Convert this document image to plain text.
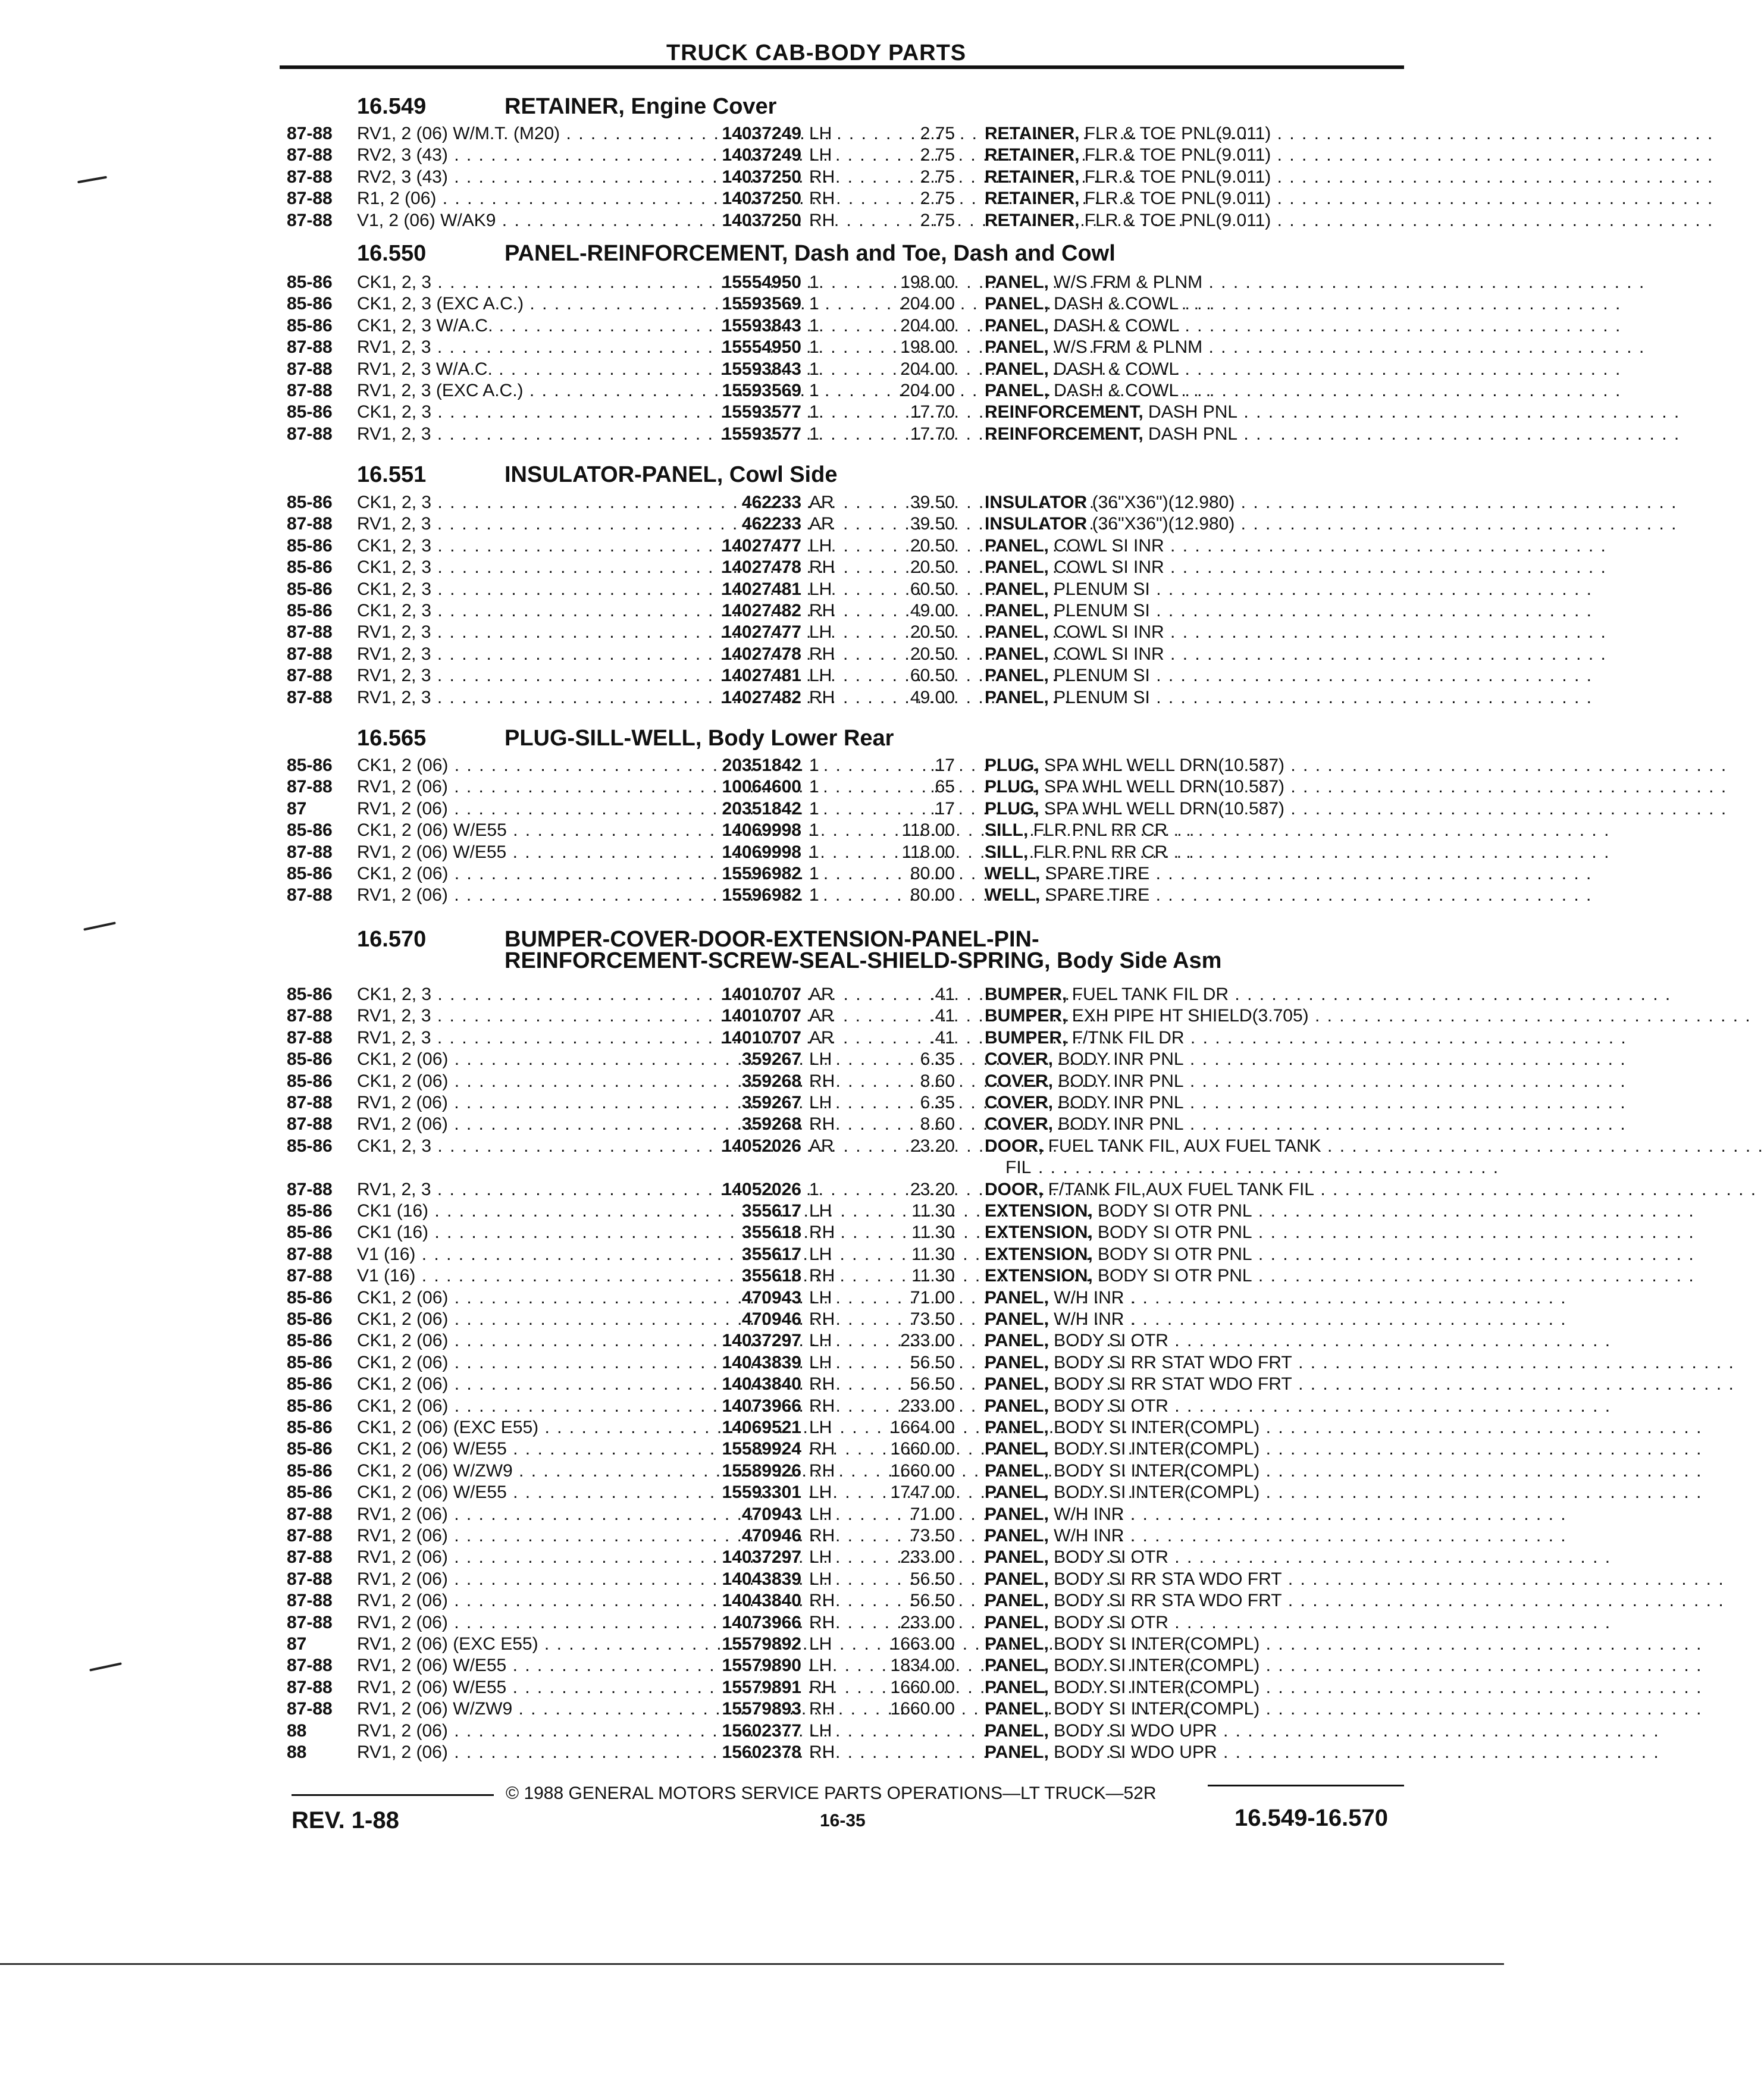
TRUCK CAB-BODY PARTS
16.549	RETAINER, Engine Cover
87-88 RV1, 2 (06) W/M.T. (M20) . . .	14037249 LH	2.75 RETAINER, FLR & TOE PNL(9.011) . . . . . . . . . . . . . . . . . . . . . . . . . . . . . . . . . . . .
87-88 RV2, 3 (43) . . .	14037249 LH	2.75 RETAINER, FLR & TOE PNL(9.011) . . . . . . . . . . . . . . . . . . . . . . . . . . . . . . . . . . . .
87-88 RV2, 3 (43) . . .	14037250 RH	2.75 RETAINER, FLR & TOE PNL(9.011) . . . . . . . . . . . . . . . . . . . . . . . . . . . . . . . . . . . .
87-88 R1, 2 (06) . . .	14037250 RH	2.75 RETAINER, FLR & TOE PNL(9.011) . . . . . . . . . . . . . . . . . . . . . . . . . . . . . . . . . . . .
87-88 V1, 2 (06) W/AK9 . . .	14037250 RH	2.75 RETAINER, FLR & TOE PNL(9.011) . . . . . . . . . . . . . . . . . . . . . . . . . . . . . . . . . . . .
16.550	PANEL-REINFORCEMENT, Dash and Toe, Dash and Cowl
85-86 CK1, 2, 3 . . .	15554950 1	198.00 PANEL, W/S FRM & PLNM . . . . . . . . . . . . . . . . . . . . . . . . . . . . . . . . . . . .
85-86 CK1, 2, 3 (EXC A.C.) . . .	15593569 1	204.00 PANEL, DASH & COWL . . . . . . . . . . . . . . . . . . . . . . . . . . . . . . . . . . . .
85-86 CK1, 2, 3 W/A.C. . . .	15593843 1	204.00 PANEL, DASH & COWL . . . . . . . . . . . . . . . . . . . . . . . . . . . . . . . . . . . .
87-88 RV1, 2, 3 . . .	15554950 1	198.00 PANEL, W/S FRM & PLNM . . . . . . . . . . . . . . . . . . . . . . . . . . . . . . . . . . . .
87-88 RV1, 2, 3 W/A.C. . . .	15593843 1	204.00 PANEL, DASH & COWL . . . . . . . . . . . . . . . . . . . . . . . . . . . . . . . . . . . .
87-88 RV1, 2, 3 (EXC A.C.) . . .	15593569 1	204.00 PANEL, DASH & COWL . . . . . . . . . . . . . . . . . . . . . . . . . . . . . . . . . . . .
85-86 CK1, 2, 3 . . .	15593577 1	17.70 REINFORCEMENT, DASH PNL . . . . . . . . . . . . . . . . . . . . . . . . . . . . . . . . . . . .
87-88 RV1, 2, 3 . . .	15593577 1	17.70 REINFORCEMENT, DASH PNL . . . . . . . . . . . . . . . . . . . . . . . . . . . . . . . . . . . .
16.551	INSULATOR-PANEL, Cowl Side
85-86 CK1, 2, 3 . . .	462233 AR	39.50 INSULATOR (36"X36")(12.980) . . . . . . . . . . . . . . . . . . . . . . . . . . . . . . . . . . . .
87-88 RV1, 2, 3 . . .	462233 AR	39.50 INSULATOR (36"X36")(12.980) . . . . . . . . . . . . . . . . . . . . . . . . . . . . . . . . . . . .
85-86 CK1, 2, 3 . . .	14027477 LH	20.50 PANEL, COWL SI INR . . . . . . . . . . . . . . . . . . . . . . . . . . . . . . . . . . . .
85-86 CK1, 2, 3 . . .	14027478 RH	20.50 PANEL, COWL SI INR . . . . . . . . . . . . . . . . . . . . . . . . . . . . . . . . . . . .
85-86 CK1, 2, 3 . . .	14027481 LH	60.50 PANEL, PLENUM SI . . . . . . . . . . . . . . . . . . . . . . . . . . . . . . . . . . . .
85-86 CK1, 2, 3 . . .	14027482 RH	49.00 PANEL, PLENUM SI . . . . . . . . . . . . . . . . . . . . . . . . . . . . . . . . . . . .
87-88 RV1, 2, 3 . . .	14027477 LH	20.50 PANEL, COWL SI INR . . . . . . . . . . . . . . . . . . . . . . . . . . . . . . . . . . . .
87-88 RV1, 2, 3 . . .	14027478 RH	20.50 PANEL, COWL SI INR . . . . . . . . . . . . . . . . . . . . . . . . . . . . . . . . . . . .
87-88 RV1, 2, 3 . . .	14027481 LH	60.50 PANEL, PLENUM SI . . . . . . . . . . . . . . . . . . . . . . . . . . . . . . . . . . . .
87-88 RV1, 2, 3 . . .	14027482 RH	49.00 PANEL, PLENUM SI . . . . . . . . . . . . . . . . . . . . . . . . . . . . . . . . . . . .
16.565	PLUG-SILL-WELL, Body Lower Rear
85-86 CK1, 2 (06) . . .	20351842 1	.17 PLUG, SPA WHL WELL DRN(10.587) . . . . . . . . . . . . . . . . . . . . . . . . . . . . . . . . . . . .
87-88 RV1, 2 (06) . . .	10064600 1	.65 PLUG, SPA WHL WELL DRN(10.587) . . . . . . . . . . . . . . . . . . . . . . . . . . . . . . . . . . . .
87	RV1, 2 (06) . . .	20351842 1	.17 PLUG, SPA WHL WELL DRN(10.587) . . . . . . . . . . . . . . . . . . . . . . . . . . . . . . . . . . . .
85-86 CK1, 2 (06) W/E55 . . .	14069998 1	118.00 SILL, FLR PNL RR CR . . . . . . . . . . . . . . . . . . . . . . . . . . . . . . . . . . . .
87-88 RV1, 2 (06) W/E55 . . .	14069998 1	118.00 SILL, FLR PNL RR CR . . . . . . . . . . . . . . . . . . . . . . . . . . . . . . . . . . . .
85-86 CK1, 2 (06) . . .	15596982 1	80.00 WELL, SPARE TIRE . . . . . . . . . . . . . . . . . . . . . . . . . . . . . . . . . . . .
87-88 RV1, 2 (06) . . .	15596982 1	80.00 WELL, SPARE TIRE . . . . . . . . . . . . . . . . . . . . . . . . . . . . . . . . . . . .
16.570	BUMPER-COVER-DOOR-EXTENSION-PANEL-PIN-
REINFORCEMENT-SCREW-SEAL-SHIELD-SPRING, Body Side Asm
85-86 CK1, 2, 3 . . .	14010707 AR	.41 BUMPER, FUEL TANK FIL DR . . . . . . . . . . . . . . . . . . . . . . . . . . . . . . . . . . . .
87-88 RV1, 2, 3 . . .	14010707 AR	.41 BUMPER, EXH PIPE HT SHIELD(3.705) . . . . . . . . . . . . . . . . . . . . . . . . . . . . . . . . . . . .
87-88 RV1, 2, 3 . . .	14010707 AR	.41 BUMPER, F/TNK FIL DR . . . . . . . . . . . . . . . . . . . . . . . . . . . . . . . . . . . .
85-86 CK1, 2 (06) . . .	359267 LH	6.35 COVER, BODY INR PNL . . . . . . . . . . . . . . . . . . . . . . . . . . . . . . . . . . . .
85-86 CK1, 2 (06) . . .	359268 RH	8.60 COVER, BODY INR PNL . . . . . . . . . . . . . . . . . . . . . . . . . . . . . . . . . . . .
87-88 RV1, 2 (06) . . .	359267 LH	6.35 COVER, BODY INR PNL . . . . . . . . . . . . . . . . . . . . . . . . . . . . . . . . . . . .
87-88 RV1, 2 (06) . . .	359268 RH	8.60 COVER, BODY INR PNL . . . . . . . . . . . . . . . . . . . . . . . . . . . . . . . . . . . .
85-86 CK1, 2, 3 . . .	14052026 AR	23.20 DOOR, FUEL TANK FIL, AUX FUEL TANK . . . . . . . . . . . . . . . . . . . . . . . . . . . . . . . . . . . .
FIL . . . . . . . . . . . . . . . . . . . . . . . . . . . . . . . . . . . . . .
87-88 RV1, 2, 3 . . .	14052026 1	23.20 DOOR, F/TANK FIL,AUX FUEL TANK FIL . . . . . . . . . . . . . . . . . . . . . . . . . . . . . . . . . . . .
85-86 CK1 (16) . . .	355617 LH	11.30 EXTENSION, BODY SI OTR PNL . . . . . . . . . . . . . . . . . . . . . . . . . . . . . . . . . . . .
85-86 CK1 (16) . . .	355618 RH	11.30 EXTENSION, BODY SI OTR PNL . . . . . . . . . . . . . . . . . . . . . . . . . . . . . . . . . . . .
87-88 V1 (16) . . .	355617 LH	11.30 EXTENSION, BODY SI OTR PNL . . . . . . . . . . . . . . . . . . . . . . . . . . . . . . . . . . . .
87-88 V1 (16) . . .	355618 RH	11.30 EXTENSION, BODY SI OTR PNL . . . . . . . . . . . . . . . . . . . . . . . . . . . . . . . . . . . .
85-86 CK1, 2 (06) . . .	470943 LH	71.00 PANEL, W/H INR . . . . . . . . . . . . . . . . . . . . . . . . . . . . . . . . . . . .
85-86 CK1, 2 (06) . . .	470946 RH	73.50 PANEL, W/H INR . . . . . . . . . . . . . . . . . . . . . . . . . . . . . . . . . . . .
85-86 CK1, 2 (06) . . .	14037297 LH	233.00 PANEL, BODY SI OTR . . . . . . . . . . . . . . . . . . . . . . . . . . . . . . . . . . . .
85-86 CK1, 2 (06) . . .	14043839 LH	56.50 PANEL, BODY SI RR STAT WDO FRT . . . . . . . . . . . . . . . . . . . . . . . . . . . . . . . . . . . .
85-86 CK1, 2 (06) . . .	14043840 RH	56.50 PANEL, BODY SI RR STAT WDO FRT . . . . . . . . . . . . . . . . . . . . . . . . . . . . . . . . . . . .
85-86 CK1, 2 (06) . . .	14073966 RH	233.00 PANEL, BODY SI OTR . . . . . . . . . . . . . . . . . . . . . . . . . . . . . . . . . . . .
85-86 CK1, 2 (06) (EXC E55) . . .	14069521 LH	1664.00 PANEL, BODY SI INTER(COMPL) . . . . . . . . . . . . . . . . . . . . . . . . . . . . . . . . . . . .
85-86 CK1, 2 (06) W/E55 . . .	15589924 RH	1660.00 PANEL, BODY SI INTER(COMPL) . . . . . . . . . . . . . . . . . . . . . . . . . . . . . . . . . . . .
85-86 CK1, 2 (06) W/ZW9 . . .	15589926 RH	1660.00 PANEL, BODY SI INTER(COMPL) . . . . . . . . . . . . . . . . . . . . . . . . . . . . . . . . . . . .
85-86 CK1, 2 (06) W/E55 . . .	15593301 LH	1747.00 PANEL, BODY SI INTER(COMPL) . . . . . . . . . . . . . . . . . . . . . . . . . . . . . . . . . . . .
87-88 RV1, 2 (06) . . .	470943 LH	71.00 PANEL, W/H INR . . . . . . . . . . . . . . . . . . . . . . . . . . . . . . . . . . . .
87-88 RV1, 2 (06) . . .	470946 RH	73.50 PANEL, W/H INR . . . . . . . . . . . . . . . . . . . . . . . . . . . . . . . . . . . .
87-88 RV1, 2 (06) . . .	14037297 LH	233.00 PANEL, BODY SI OTR . . . . . . . . . . . . . . . . . . . . . . . . . . . . . . . . . . . .
87-88 RV1, 2 (06) . . .	14043839 LH	56.50 PANEL, BODY SI RR STA WDO FRT . . . . . . . . . . . . . . . . . . . . . . . . . . . . . . . . . . . .
87-88 RV1, 2 (06) . . .	14043840 RH	56.50 PANEL, BODY SI RR STA WDO FRT . . . . . . . . . . . . . . . . . . . . . . . . . . . . . . . . . . . .
87-88 RV1, 2 (06) . . .	14073966 RH	233.00 PANEL, BODY SI OTR . . . . . . . . . . . . . . . . . . . . . . . . . . . . . . . . . . . .
87	RV1, 2 (06) (EXC E55) . . .	15579892 LH	1663.00 PANEL, BODY SI INTER(COMPL) . . . . . . . . . . . . . . . . . . . . . . . . . . . . . . . . . . . .
87-88 RV1, 2 (06) W/E55 . . .	15579890 LH	1834.00 PANEL, BODY SI INTER(COMPL) . . . . . . . . . . . . . . . . . . . . . . . . . . . . . . . . . . . .
87-88 RV1, 2 (06) W/E55 . . .	15579891 RH	1660.00 PANEL, BODY SI INTER(COMPL) . . . . . . . . . . . . . . . . . . . . . . . . . . . . . . . . . . . .
87-88 RV1, 2 (06) W/ZW9 . . .	15579893 RH	1660.00 PANEL, BODY SI INTER(COMPL) . . . . . . . . . . . . . . . . . . . . . . . . . . . . . . . . . . . .
88	RV1, 2 (06) . . .	15602377 LH	PANEL, BODY SI WDO UPR . . . . . . . . . . . . . . . . . . . . . . . . . . . . . . . . . . . .
88	RV1, 2 (06) . . .	15602378 RH	PANEL, BODY SI WDO UPR . . . . . . . . . . . . . . . . . . . . . . . . . . . . . . . . . . . .
© 1988 GENERAL MOTORS SERVICE PARTS OPERATIONS—LT TRUCK—52R
REV. 1-88	16-35	16.549-16.570
